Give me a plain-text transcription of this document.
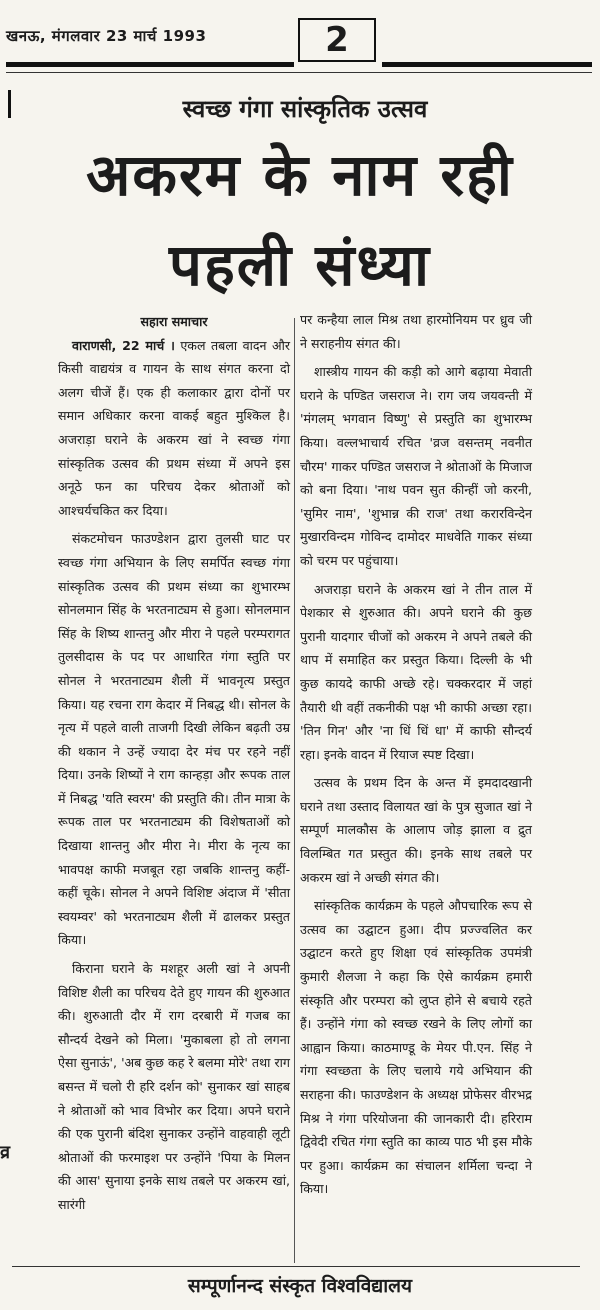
खनऊ, मंगलवार 23 मार्च 1993	2
स्वच्छ गंगा सांस्कृतिक उत्सव
अकरम के नाम रही
पहली संध्या
सहारा समाचार

वाराणसी, 22 मार्च । एकल तबला वादन और किसी वाद्ययंत्र व गायन के साथ संगत करना दो अलग चीजें हैं। एक ही कलाकार द्वारा दोनों पर समान अधिकार करना वाकई बहुत मुश्किल है। अजराड़ा घराने के अकरम खां ने स्वच्छ गंगा सांस्कृतिक उत्सव की प्रथम संध्या में अपने इस अनूठे फन का परिचय देकर श्रोताओं को आश्चर्यचकित कर दिया।

संकटमोचन फाउण्डेशन द्वारा तुलसी घाट पर स्वच्छ गंगा अभियान के लिए समर्पित स्वच्छ गंगा सांस्कृतिक उत्सव की प्रथम संध्या का शुभारम्भ सोनलमान सिंह के भरतनाट्यम से हुआ। सोनलमान सिंह के शिष्य शान्तनु और मीरा ने पहले परम्परागत तुलसीदास के पद पर आधारित गंगा स्तुति पर सोनल ने भरतनाट्यम शैली में भावनृत्य प्रस्तुत किया। यह रचना राग केदार में निबद्ध थी। सोनल के नृत्य में पहले वाली ताजगी दिखी लेकिन बढ़ती उम्र की थकान ने उन्हें ज्यादा देर मंच पर रहने नहीं दिया। उनके शिष्यों ने राग कान्हड़ा और रूपक ताल में निबद्ध 'यति स्वरम' की प्रस्तुति की। तीन मात्रा के रूपक ताल पर भरतनाट्यम की विशेषताओं को दिखाया शान्तनु और मीरा ने। मीरा के नृत्य का भावपक्ष काफी मजबूत रहा जबकि शान्तनु कहीं-कहीं चूके। सोनल ने अपने विशिष्ट अंदाज में 'सीता स्वयम्वर' को भरतनाट्यम शैली में ढालकर प्रस्तुत किया।

किराना घराने के मशहूर अली खां ने अपनी विशिष्ट शैली का परिचय देते हुए गायन की शुरुआत की। शुरुआती दौर में राग दरबारी में गजब का सौन्दर्य देखने को मिला। 'मुकाबला हो तो लगना ऐसा सुनाऊं', 'अब कुछ कह रे बलमा मोरे' तथा राग बसन्त में चलो री हरि दर्शन को' सुनाकर खां साहब ने श्रोताओं को भाव विभोर कर दिया। अपने घराने की एक पुरानी बंदिश सुनाकर उन्होंने वाहवाही लूटी श्रोताओं की फरमाइश पर उन्होंने 'पिया के मिलन की आस' सुनाया इनके साथ तबले पर अकरम खां, सारंगी

पर कन्हैया लाल मिश्र तथा हारमोनियम पर ध्रुव जी ने सराहनीय संगत की।

शास्त्रीय गायन की कड़ी को आगे बढ़ाया मेवाती घराने के पण्डित जसराज ने। राग जय जयवन्ती में 'मंगलम् भगवान विष्णु' से प्रस्तुति का शुभारम्भ किया। वल्लभाचार्य रचित 'व्रज वसन्तम् नवनीत चौरम' गाकर पण्डित जसराज ने श्रोताओं के मिजाज को बना दिया। 'नाथ पवन सुत कीन्हीं जो करनी, 'सुमिर नाम', 'शुभान्न की राज' तथा करारविन्देन मुखारविन्दम गोविन्द दामोदर माधवेति गाकर संध्या को चरम पर पहुंचाया।

अजराड़ा घराने के अकरम खां ने तीन ताल में पेशकार से शुरुआत की। अपने घराने की कुछ पुरानी यादगार चीजों को अकरम ने अपने तबले की थाप में समाहित कर प्रस्तुत किया। दिल्ली के भी कुछ कायदे काफी अच्छे रहे। चक्करदार में जहां तैयारी थी वहीं तकनीकी पक्ष भी काफी अच्छा रहा। 'तिन गिन' और 'ना धिं धिं धा' में काफी सौन्दर्य रहा। इनके वादन में रियाज स्पष्ट दिखा।

उत्सव के प्रथम दिन के अन्त में इमदादखानी घराने तथा उस्ताद विलायत खां के पुत्र सुजात खां ने सम्पूर्ण मालकौस के आलाप जोड़ झाला व द्रुत विलम्बित गत प्रस्तुत की। इनके साथ तबले पर अकरम खां ने अच्छी संगत की।

सांस्कृतिक कार्यक्रम के पहले औपचारिक रूप से उत्सव का उद्घाटन हुआ। दीप प्रज्ज्वलित कर उद्घाटन करते हुए शिक्षा एवं सांस्कृतिक उपमंत्री कुमारी शैलजा ने कहा कि ऐसे कार्यक्रम हमारी संस्कृति और परम्परा को लुप्त होने से बचाये रहते हैं। उन्होंने गंगा को स्वच्छ रखने के लिए लोगों का आह्वान किया। काठमाण्डू के मेयर पी.एन. सिंह ने गंगा स्वच्छता के लिए चलाये गये अभियान की सराहना की। फाउण्डेशन के अध्यक्ष प्रोफेसर वीरभद्र मिश्र ने गंगा परियोजना की जानकारी दी। हरिराम द्विवेदी रचित गंगा स्तुति का काव्य पाठ भी इस मौके पर हुआ। कार्यक्रम का संचालन शर्मिला चन्दा ने किया।

व्र
सम्पूर्णानन्द संस्कृत विश्वविद्यालय
